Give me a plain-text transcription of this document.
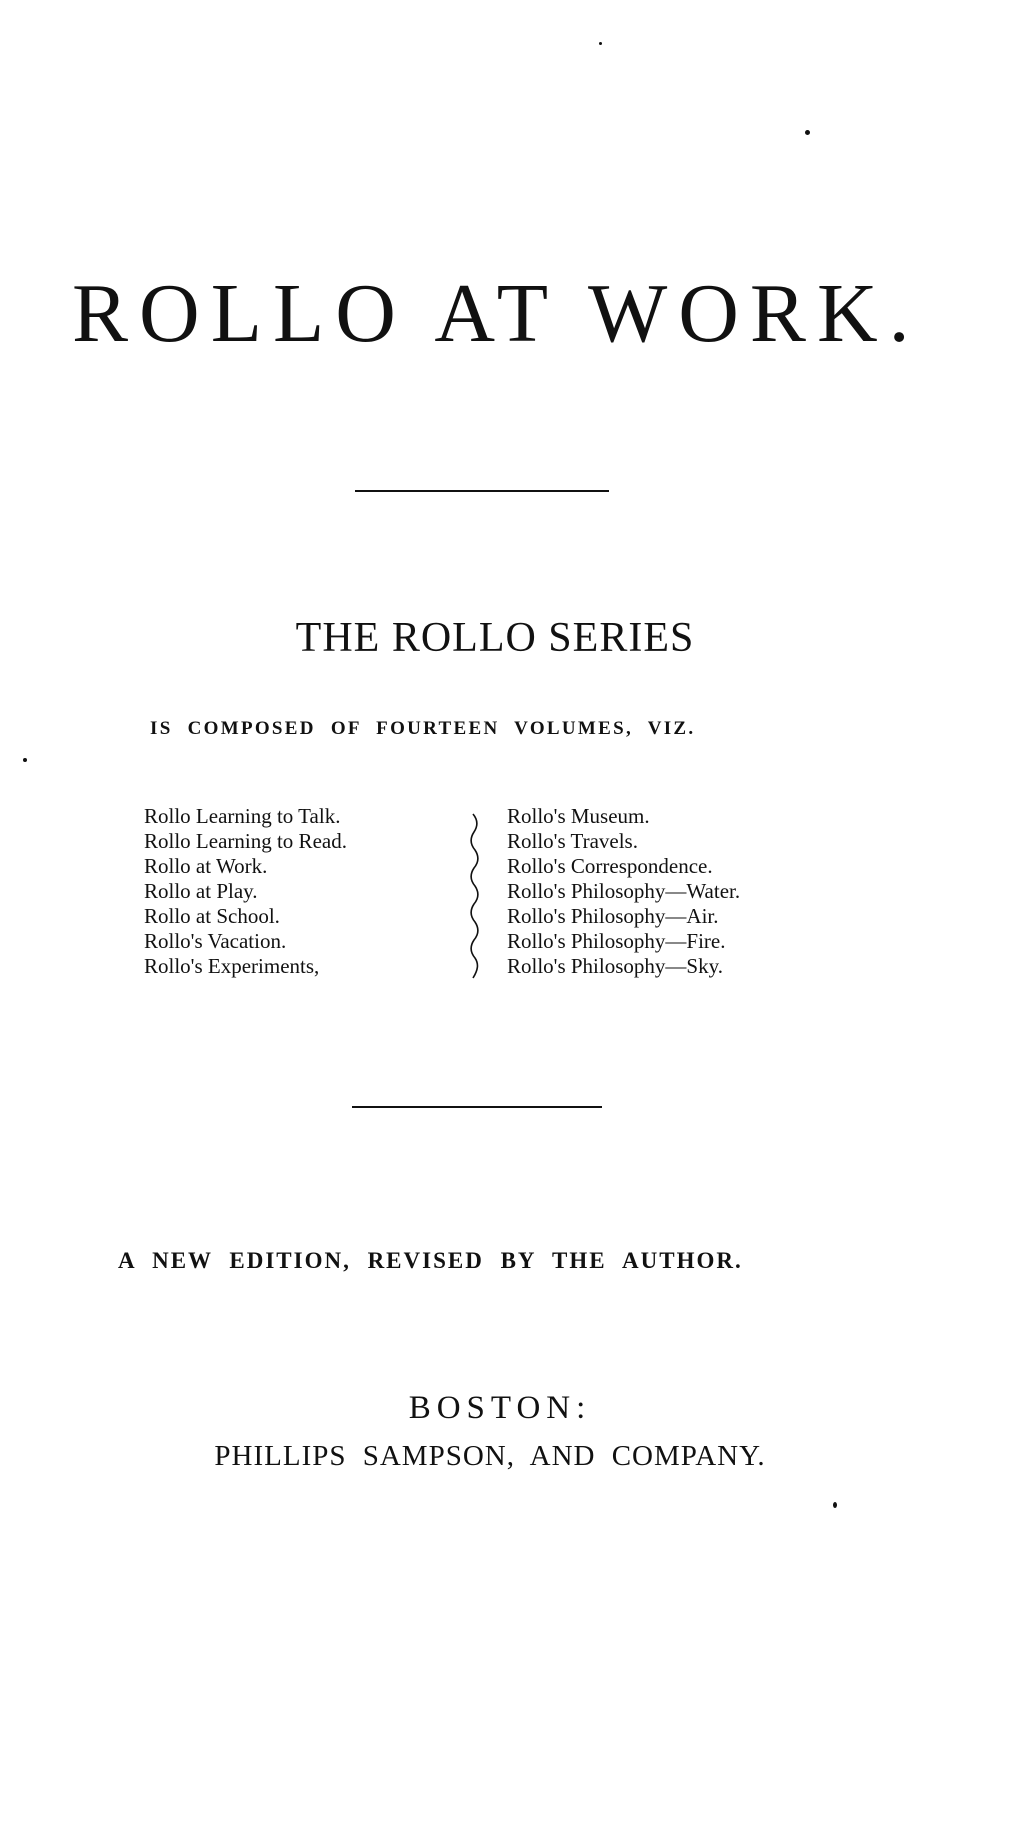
ROLLO AT WORK.
THE ROLLO SERIES
IS COMPOSED OF FOURTEEN VOLUMES, VIZ.
Rollo Learning to Talk.
Rollo Learning to Read.
Rollo at Work.
Rollo at Play.
Rollo at School.
Rollo's Vacation.
Rollo's Experiments,
Rollo's Museum.
Rollo's Travels.
Rollo's Correspondence.
Rollo's Philosophy—Water.
Rollo's Philosophy—Air.
Rollo's Philosophy—Fire.
Rollo's Philosophy—Sky.
A NEW EDITION, REVISED BY THE AUTHOR.
BOSTON:
PHILLIPS SAMPSON, AND COMPANY.
